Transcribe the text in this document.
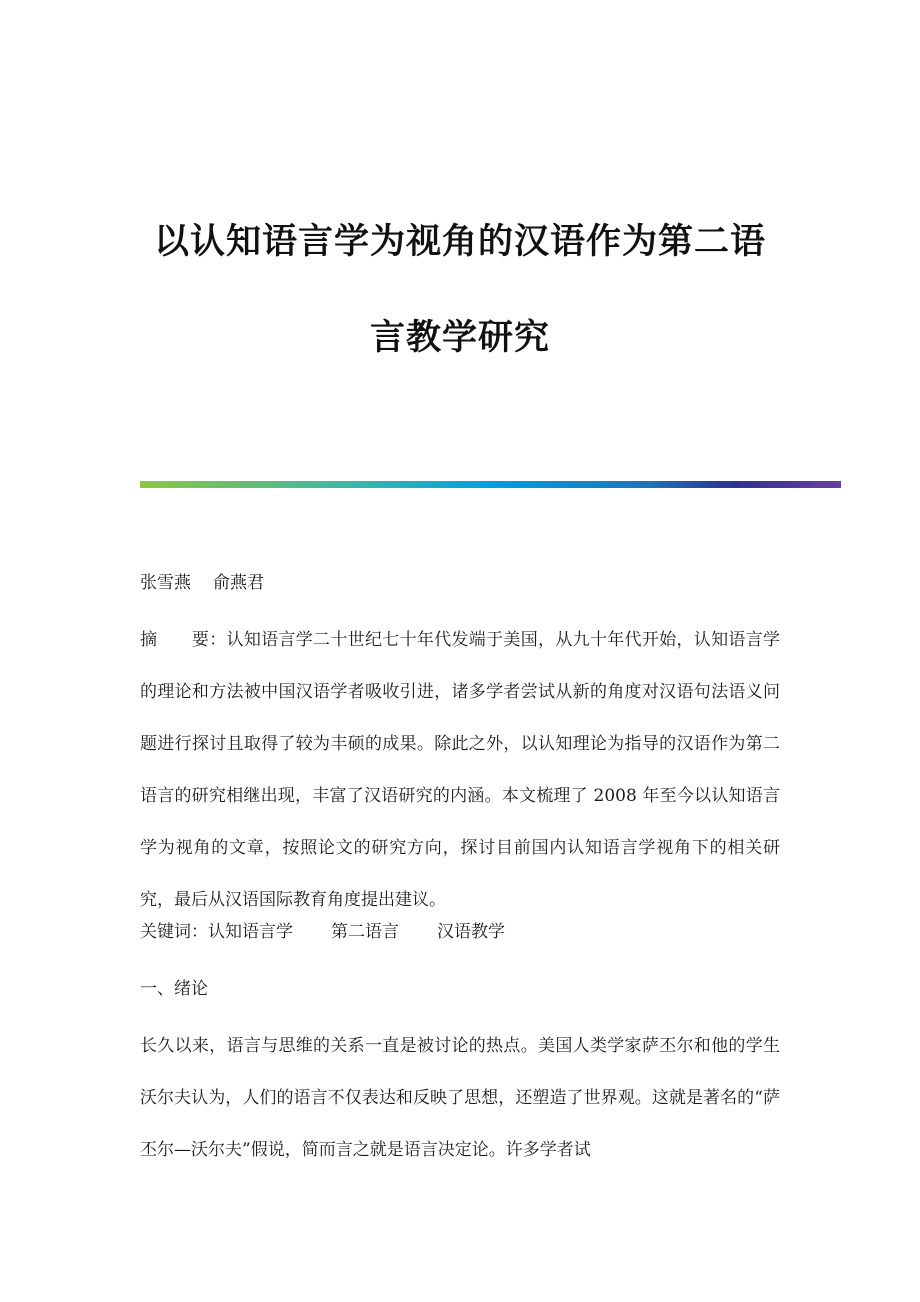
以认知语言学为视角的汉语作为第二语
言教学研究

张雪燕 俞燕君

摘　　要：认知语言学二十世纪七十年代发端于美国，从九十年代开始，认知语言学的理论和方法被中国汉语学者吸收引进，诸多学者尝试从新的角度对汉语句法语义问题进行探讨且取得了较为丰硕的成果。除此之外，以认知理论为指导的汉语作为第二语言的研究相继出现，丰富了汉语研究的内涵。本文梳理了 2008 年至今以认知语言学为视角的文章，按照论文的研究方向，探讨目前国内认知语言学视角下的相关研究，最后从汉语国际教育角度提出建议。

关键词：认知语言学 第二语言 汉语教学

一、绪论

长久以来，语言与思维的关系一直是被讨论的热点。美国人类学家萨丕尔和他的学生沃尔夫认为，人们的语言不仅表达和反映了思想，还塑造了世界观。这就是著名的“萨丕尔—沃尔夫”假说，简而言之就是语言决定论。许多学者试
